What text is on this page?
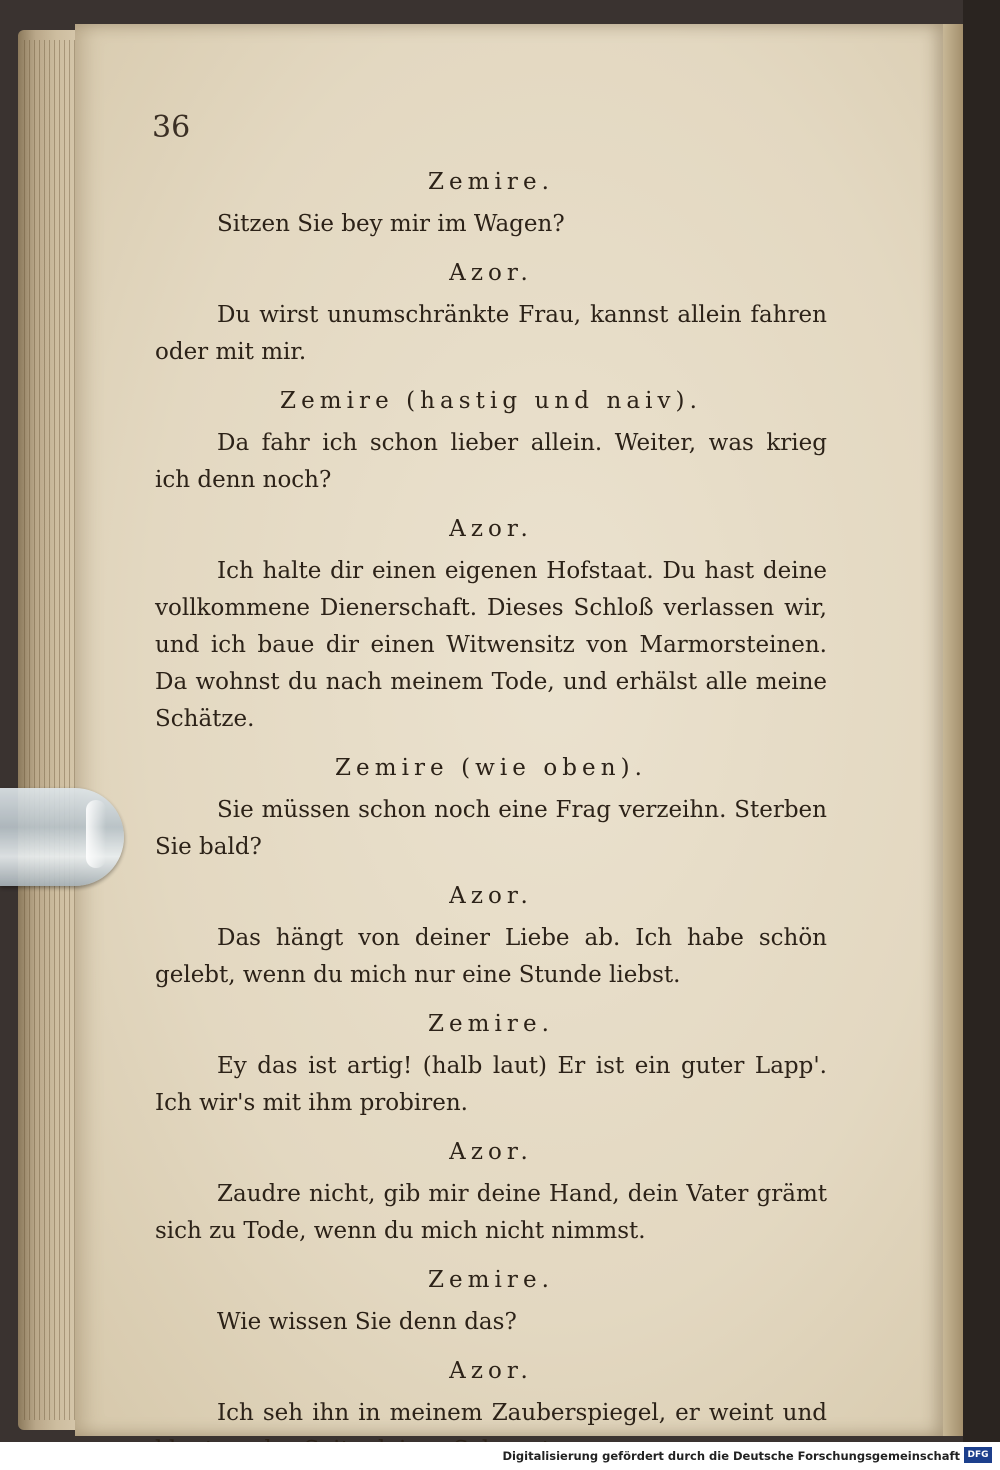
36

Zemire.

Sitzen Sie bey mir im Wagen?

Azor.

Du wirst unumschränkte Frau, kannst allein fahren oder mit mir.

Zemire (hastig und naiv).

Da fahr ich schon lieber allein. Weiter, was krieg ich denn noch?

Azor.

Ich halte dir einen eigenen Hofstaat. Du hast deine vollkommene Dienerschaft. Dieses Schloß verlassen wir, und ich baue dir einen Witwensitz von Marmorsteinen. Da wohnst du nach meinem Tode, und erhälst alle meine Schätze.

Zemire (wie oben).

Sie müssen schon noch eine Frag verzeihn. Sterben Sie bald?

Azor.

Das hängt von deiner Liebe ab. Ich habe schön gelebt, wenn du mich nur eine Stunde liebst.

Zemire.

Ey das ist artig! (halb laut) Er ist ein guter Lapp'. Ich wir's mit ihm probiren.

Azor.

Zaudre nicht, gib mir deine Hand, dein Vater grämt sich zu Tode, wenn du mich nicht nimmst.

Zemire.

Wie wissen Sie denn das?

Azor.

Ich seh ihn in meinem Zauberspiegel, er weint und

Digitalisierung gefördert durch die Deutsche Forschungsgemeinschaft DFG
